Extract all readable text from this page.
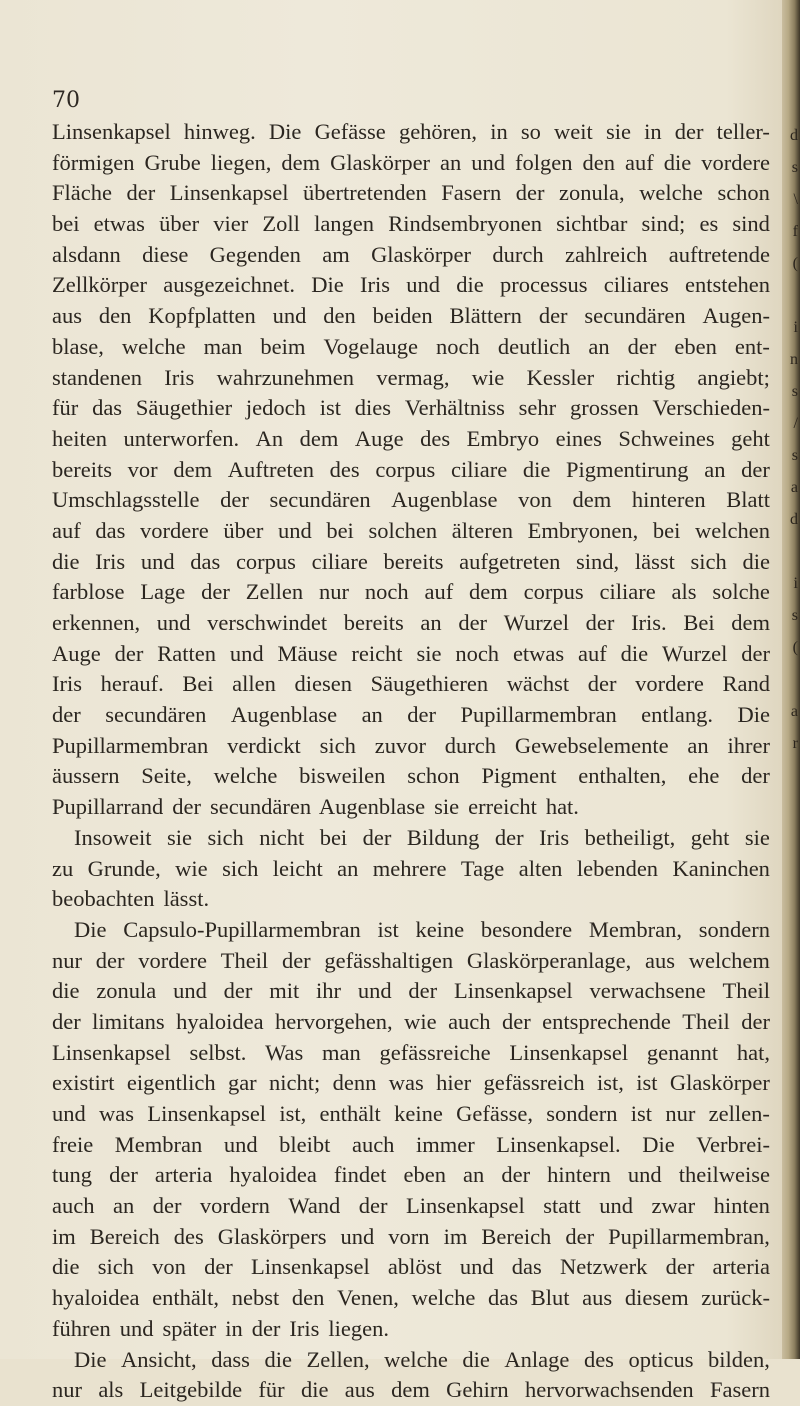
70
Linsenkapsel hinweg. Die Gefässe gehören, in so weit sie in der teller-
förmigen Grube liegen, dem Glaskörper an und folgen den auf die vordere
Fläche der Linsenkapsel übertretenden Fasern der zonula, welche schon
bei etwas über vier Zoll langen Rindsembryonen sichtbar sind; es sind
alsdann diese Gegenden am Glaskörper durch zahlreich auftretende
Zellkörper ausgezeichnet. Die Iris und die processus ciliares entstehen
aus den Kopfplatten und den beiden Blättern der secundären Augen-
blase, welche man beim Vogelauge noch deutlich an der eben ent-
standenen Iris wahrzunehmen vermag, wie Kessler richtig angiebt;
für das Säugethier jedoch ist dies Verhältniss sehr grossen Verschieden-
heiten unterworfen. An dem Auge des Embryo eines Schweines geht
bereits vor dem Auftreten des corpus ciliare die Pigmentirung an der
Umschlagsstelle der secundären Augenblase von dem hinteren Blatt
auf das vordere über und bei solchen älteren Embryonen, bei welchen
die Iris und das corpus ciliare bereits aufgetreten sind, lässt sich die
farblose Lage der Zellen nur noch auf dem corpus ciliare als solche
erkennen, und verschwindet bereits an der Wurzel der Iris. Bei dem
Auge der Ratten und Mäuse reicht sie noch etwas auf die Wurzel der
Iris herauf. Bei allen diesen Säugethieren wächst der vordere Rand
der secundären Augenblase an der Pupillarmembran entlang. Die
Pupillarmembran verdickt sich zuvor durch Gewebselemente an ihrer
äussern Seite, welche bisweilen schon Pigment enthalten, ehe der
Pupillarrand der secundären Augenblase sie erreicht hat.
Insoweit sie sich nicht bei der Bildung der Iris betheiligt, geht sie
zu Grunde, wie sich leicht an mehrere Tage alten lebenden Kaninchen
beobachten lässt.
Die Capsulo-Pupillarmembran ist keine besondere Membran, sondern
nur der vordere Theil der gefässhaltigen Glaskörperanlage, aus welchem
die zonula und der mit ihr und der Linsenkapsel verwachsene Theil
der limitans hyaloidea hervorgehen, wie auch der entsprechende Theil der
Linsenkapsel selbst. Was man gefässreiche Linsenkapsel genannt hat,
existirt eigentlich gar nicht; denn was hier gefässreich ist, ist Glaskörper
und was Linsenkapsel ist, enthält keine Gefässe, sondern ist nur zellen-
freie Membran und bleibt auch immer Linsenkapsel. Die Verbrei-
tung der arteria hyaloidea findet eben an der hintern und theilweise
auch an der vordern Wand der Linsenkapsel statt und zwar hinten
im Bereich des Glaskörpers und vorn im Bereich der Pupillarmembran,
die sich von der Linsenkapsel ablöst und das Netzwerk der arteria
hyaloidea enthält, nebst den Venen, welche das Blut aus diesem zurück-
führen und später in der Iris liegen.
Die Ansicht, dass die Zellen, welche die Anlage des opticus bilden,
nur als Leitgebilde für die aus dem Gehirn hervorwachsenden Fasern
d
s
\
f
(

i
n
s
/
s
a
d

i
s
(

a
r
